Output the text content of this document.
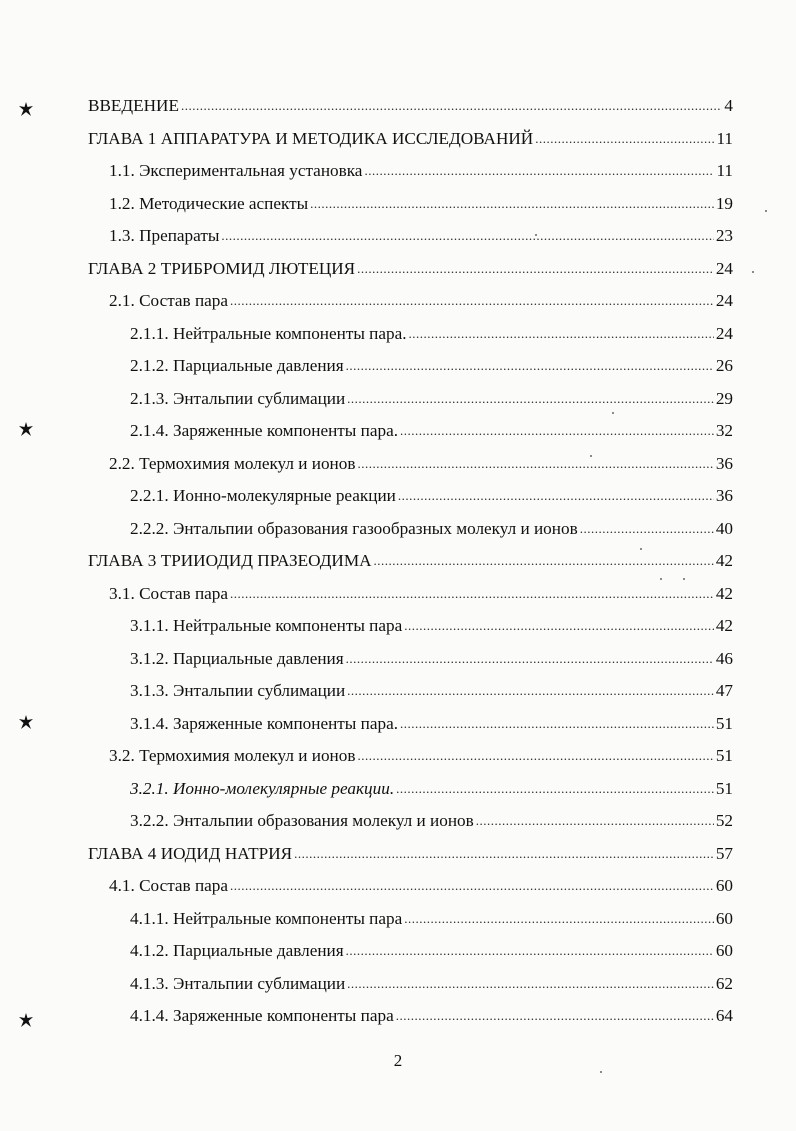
ВВЕДЕНИЕ .....	4
ГЛАВА 1 АППАРАТУРА И МЕТОДИКА ИССЛЕДОВАНИЙ .....	11
1.1. Экспериментальная установка .....	11
1.2. Методические аспекты .....	19
1.3. Препараты .....	23
ГЛАВА 2 ТРИБРОМИД ЛЮТЕЦИЯ .....	24
2.1. Состав пара .....	24
2.1.1. Нейтральные компоненты пара. .....	24
2.1.2. Парциальные давления .....	26
2.1.3. Энтальпии сублимации .....	29
2.1.4. Заряженные компоненты пара. .....	32
2.2. Термохимия молекул и ионов .....	36
2.2.1. Ионно-молекулярные реакции .....	36
2.2.2. Энтальпии образования газообразных молекул и ионов .....	40
ГЛАВА 3 ТРИИОДИД ПРАЗЕОДИМА .....	42
3.1. Состав пара .....	42
3.1.1. Нейтральные компоненты пара .....	42
3.1.2. Парциальные давления .....	46
3.1.3. Энтальпии сублимации .....	47
3.1.4. Заряженные компоненты пара. .....	51
3.2. Термохимия молекул и ионов .....	51
3.2.1. Ионно-молекулярные реакции. .....	51
3.2.2. Энтальпии образования молекул и ионов .....	52
ГЛАВА 4 ИОДИД НАТРИЯ .....	57
4.1. Состав пара .....	60
4.1.1. Нейтральные компоненты пара .....	60
4.1.2. Парциальные давления .....	60
4.1.3. Энтальпии сублимации .....	62
4.1.4. Заряженные компоненты пара .....	64
2
